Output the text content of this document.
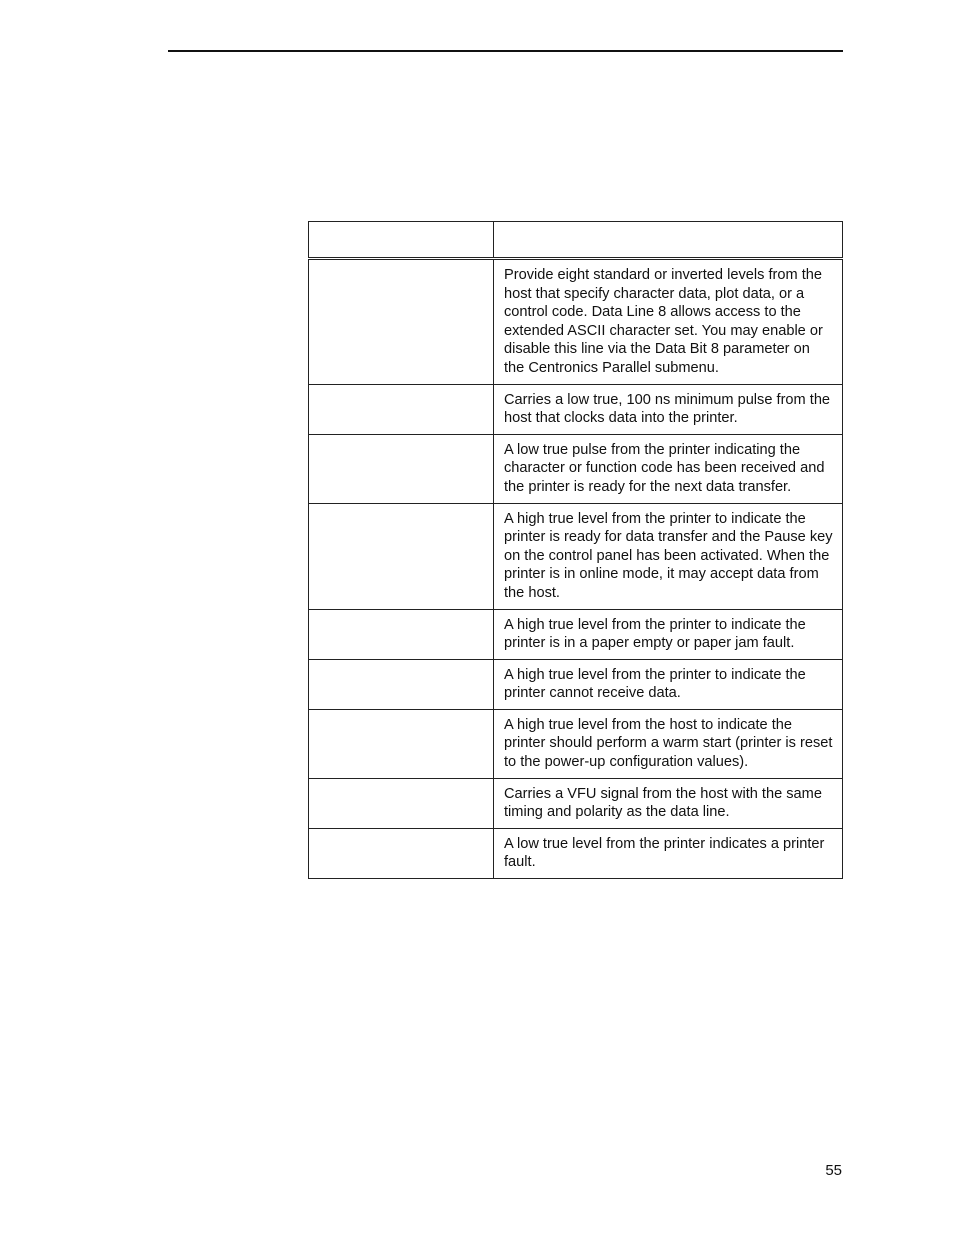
	Provide eight standard or inverted levels from the host that specify character data, plot data, or a control code. Data Line 8 allows access to the extended ASCII character set. You may enable or disable this line via the Data Bit 8 parameter on the Centronics Parallel submenu.
	Carries a low true, 100 ns minimum pulse from the host that clocks data into the printer.
	A low true pulse from the printer indicating the character or function code has been received and the printer is ready for the next data transfer.
	A high true level from the printer to indicate the printer is ready for data transfer and the Pause key on the control panel has been activated. When the printer is in online mode, it may accept data from the host.
	A high true level from the printer to indicate the printer is in a paper empty or paper jam fault.
	A high true level from the printer to indicate the printer cannot receive data.
	A high true level from the host to indicate the printer should perform a warm start (printer is reset to the power-up configuration values).
	Carries a VFU signal from the host with the same timing and polarity as the data line.
	A low true level from the printer indicates a printer fault.
55
